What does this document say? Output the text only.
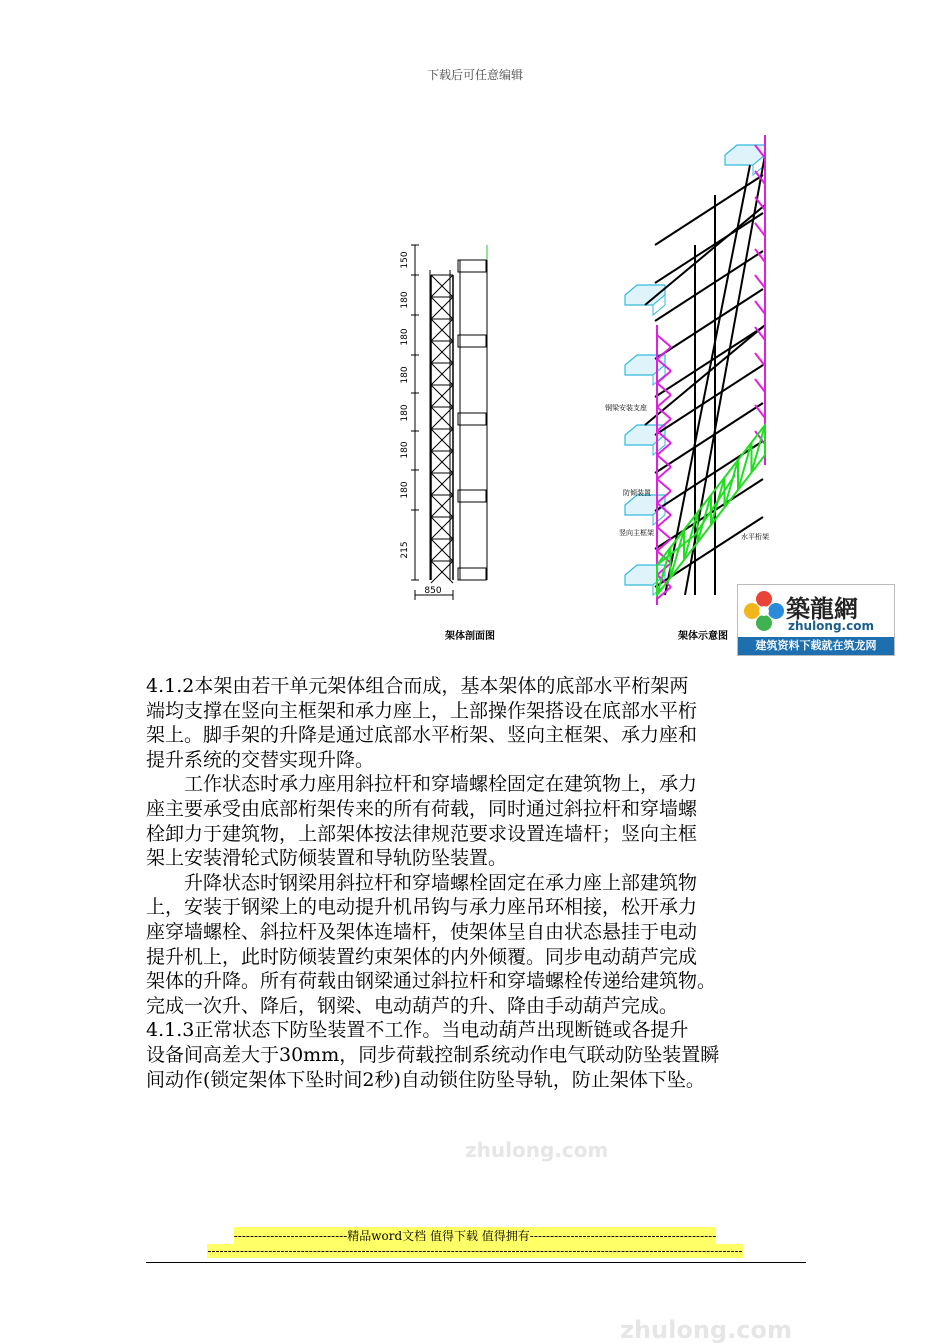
下载后可任意编辑
150
180
180
180
180
180
180
215
850
钢梁安装支座
防倾装置
竖向主框架	水平桁架
架体剖面图	架体示意图
築龍網
zhulong.com
建筑资料下载就在筑龙网

4.1.2本架由若干单元架体组合而成，基本架体的底部水平桁架两
端均支撑在竖向主框架和承力座上，上部操作架搭设在底部水平桁
架上。脚手架的升降是通过底部水平桁架、竖向主框架、承力座和
提升系统的交替实现升降。

工作状态时承力座用斜拉杆和穿墙螺栓固定在建筑物上，承力
座主要承受由底部桁架传来的所有荷载，同时通过斜拉杆和穿墙螺
栓卸力于建筑物，上部架体按法律规范要求设置连墙杆；竖向主框
架上安装滑轮式防倾装置和导轨防坠装置。

升降状态时钢梁用斜拉杆和穿墙螺栓固定在承力座上部建筑物
上，安装于钢梁上的电动提升机吊钩与承力座吊环相接，松开承力
座穿墙螺栓、斜拉杆及架体连墙杆，使架体呈自由状态悬挂于电动
提升机上，此时防倾装置约束架体的内外倾覆。同步电动葫芦完成
架体的升降。所有荷载由钢梁通过斜拉杆和穿墙螺栓传递给建筑物。
完成一次升、降后，钢梁、电动葫芦的升、降由手动葫芦完成。

4.1.3正常状态下防坠装置不工作。当电动葫芦出现断链或各提升
设备间高差大于30mm，同步荷载控制系统动作电气联动防坠装置瞬
间动作(锁定架体下坠时间2秒)自动锁住防坠导轨，防止架体下坠。

zhulong.com
zhulong.com
----------------------------精品word文档 值得下载 值得拥有----------------------------------------------
------------------------------------------------------------------------------------------------------------------------------------
